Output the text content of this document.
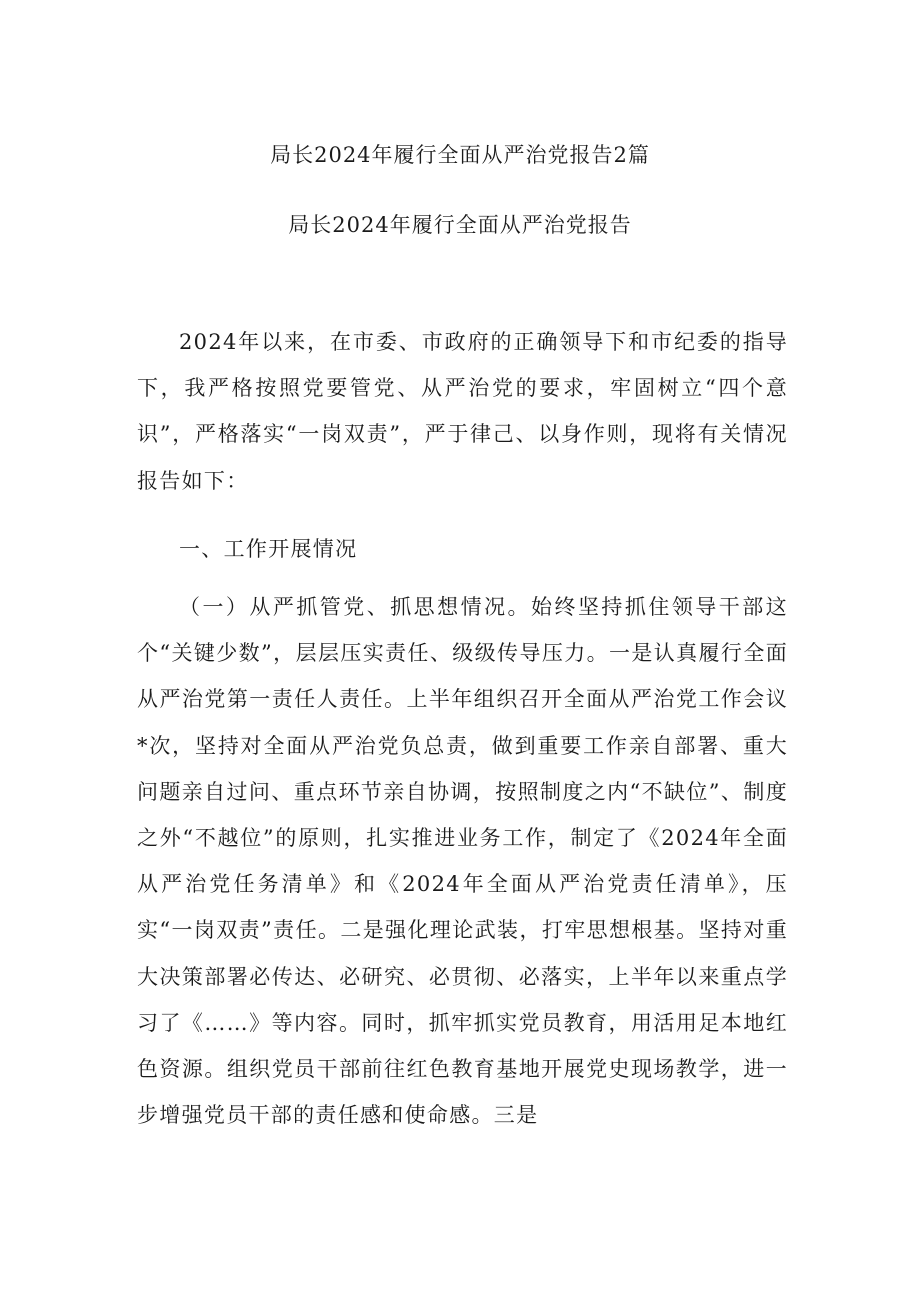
局长2024年履行全面从严治党报告2篇
局长2024年履行全面从严治党报告

2024年以来，在市委、市政府的正确领导下和市纪委的指导下，我严格按照党要管党、从严治党的要求，牢固树立“四个意识”，严格落实“一岗双责”，严于律己、以身作则，现将有关情况报告如下：

一、工作开展情况

（一）从严抓管党、抓思想情况。始终坚持抓住领导干部这个“关键少数”，层层压实责任、级级传导压力。一是认真履行全面从严治党第一责任人责任。上半年组织召开全面从严治党工作会议*次，坚持对全面从严治党负总责，做到重要工作亲自部署、重大问题亲自过问、重点环节亲自协调，按照制度之内“不缺位”、制度之外“不越位”的原则，扎实推进业务工作，制定了《2024年全面从严治党任务清单》和《2024年全面从严治党责任清单》，压实“一岗双责”责任。二是强化理论武装，打牢思想根基。坚持对重大决策部署必传达、必研究、必贯彻、必落实，上半年以来重点学习了《……》等内容。同时，抓牢抓实党员教育，用活用足本地红色资源。组织党员干部前往红色教育基地开展党史现场教学，进一步增强党员干部的责任感和使命感。三是
